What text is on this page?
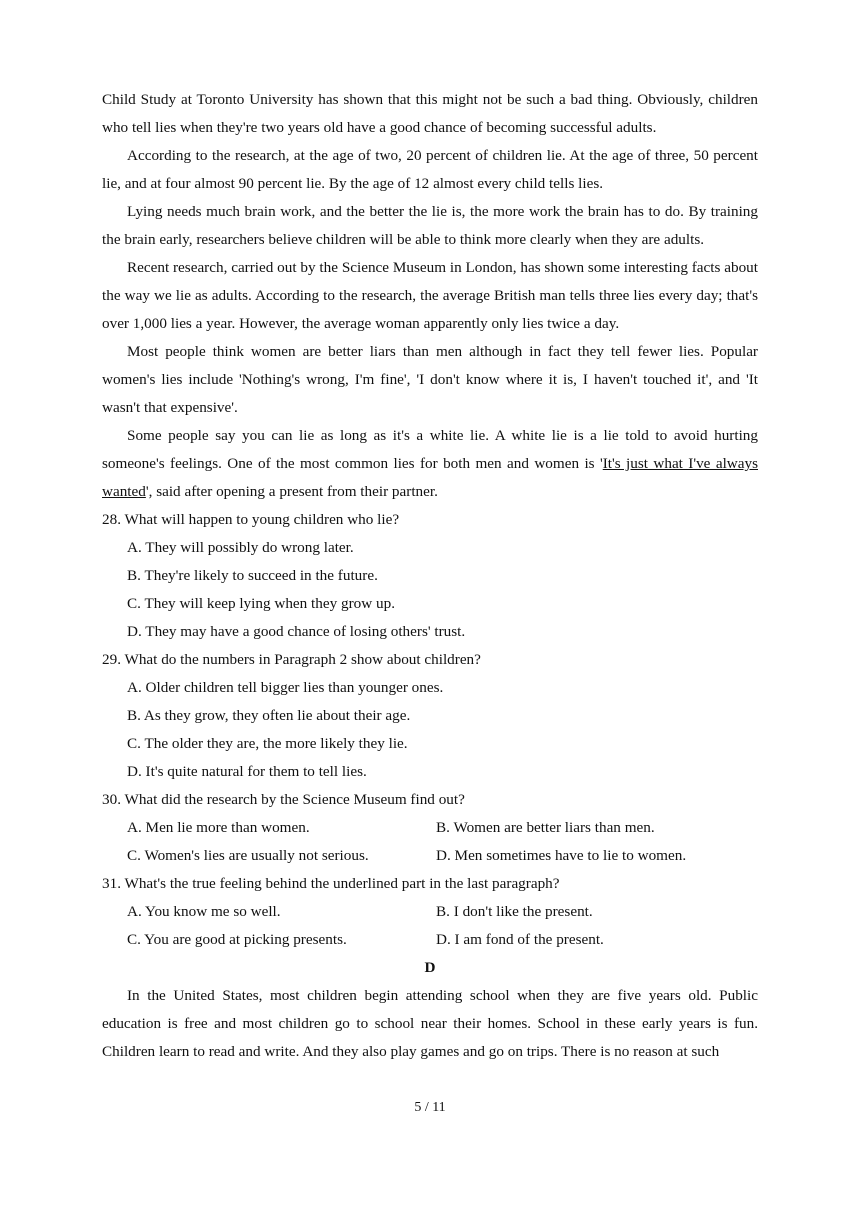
Child Study at Toronto University has shown that this might not be such a bad thing. Obviously, children who tell lies when they're two years old have a good chance of becoming successful adults.

According to the research, at the age of two, 20 percent of children lie. At the age of three, 50 percent lie, and at four almost 90 percent lie. By the age of 12 almost every child tells lies.

Lying needs much brain work, and the better the lie is, the more work the brain has to do. By training the brain early, researchers believe children will be able to think more clearly when they are adults.

Recent research, carried out by the Science Museum in London, has shown some interesting facts about the way we lie as adults. According to the research, the average British man tells three lies every day; that's over 1,000 lies a year. However, the average woman apparently only lies twice a day.

Most people think women are better liars than men although in fact they tell fewer lies. Popular women's lies include 'Nothing's wrong, I'm fine', 'I don't know where it is, I haven't touched it', and 'It wasn't that expensive'.

Some people say you can lie as long as it's a white lie. A white lie is a lie told to avoid hurting someone's feelings. One of the most common lies for both men and women is 'It's just what I've always wanted', said after opening a present from their partner.

28. What will happen to young children who lie?

A. They will possibly do wrong later.

B. They're likely to succeed in the future.

C. They will keep lying when they grow up.

D. They may have a good chance of losing others' trust.

29. What do the numbers in Paragraph 2 show about children?

A. Older children tell bigger lies than younger ones.

B. As they grow, they often lie about their age.

C. The older they are, the more likely they lie.

D. It's quite natural for them to tell lies.

30. What did the research by the Science Museum find out?

A. Men lie more than women.	B. Women are better liars than men.
C. Women's lies are usually not serious.	D. Men sometimes have to lie to women.

31. What's the true feeling behind the underlined part in the last paragraph?

A. You know me so well.	B. I don't like the present.
C. You are good at picking presents.	D. I am fond of the present.

D

In the United States, most children begin attending school when they are five years old. Public education is free and most children go to school near their homes. School in these early years is fun. Children learn to read and write. And they also play games and go on trips. There is no reason at such

5 / 11
